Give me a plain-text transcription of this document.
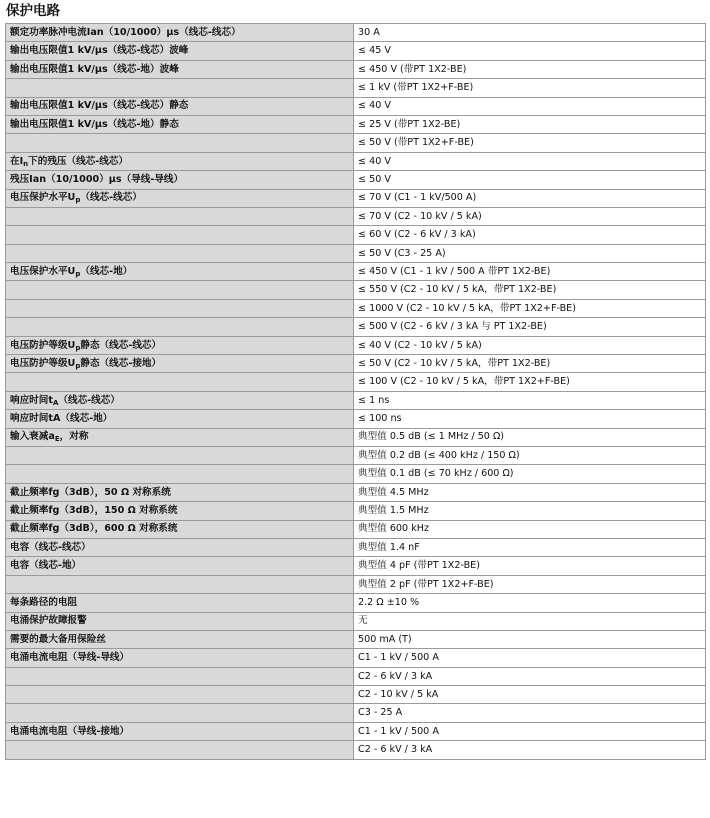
保护电路
额定功率脉冲电流Ian（10/1000）μs（线芯-线芯）	30 A
输出电压限值1 kV/μs（线芯-线芯）波峰	≤ 45 V
输出电压限值1 kV/μs（线芯-地）波峰	≤ 450 V (带PT 1X2-BE)
	≤ 1 kV (带PT 1X2+F-BE)
输出电压限值1 kV/μs（线芯-线芯）静态	≤ 40 V
输出电压限值1 kV/μs（线芯-地）静态	≤ 25 V (带PT 1X2-BE)
	≤ 50 V (带PT 1X2+F-BE)
在$I_n$下的残压（线芯-线芯）	≤ 40 V
残压Ian（10/1000）μs（导线-导线）	≤ 50 V
电压保护水平$U_p$（线芯-线芯）	≤ 70 V (C1 - 1 kV/500 A)
	≤ 70 V (C2 - 10 kV / 5 kA)
	≤ 60 V (C2 - 6 kV / 3 kA)
	≤ 50 V (C3 - 25 A)
电压保护水平$U_p$（线芯-地）	≤ 450 V (C1 - 1 kV / 500 A 带PT 1X2-BE)
	≤ 550 V (C2 - 10 kV / 5 kA，带PT 1X2-BE)
	≤ 1000 V (C2 - 10 kV / 5 kA，带PT 1X2+F-BE)
	≤ 500 V (C2 - 6 kV / 3 kA 与 PT 1X2-BE)
电压防护等级$U_p$静态（线芯-线芯）	≤ 40 V (C2 - 10 kV / 5 kA)
电压防护等级$U_p$静态（线芯-接地）	≤ 50 V (C2 - 10 kV / 5 kA，带PT 1X2-BE)
	≤ 100 V (C2 - 10 kV / 5 kA，带PT 1X2+F-BE)
响应时间$t_A$（线芯-线芯）	≤ 1 ns
响应时间tA（线芯-地）	≤ 100 ns
输入衰减$a_E$，对称	典型值 0.5 dB (≤ 1 MHz / 50 Ω)
	典型值 0.2 dB (≤ 400 kHz / 150 Ω)
	典型值 0.1 dB (≤ 70 kHz / 600 Ω)
截止频率fg（3dB），50 Ω 对称系统	典型值 4.5 MHz
截止频率fg（3dB），150 Ω 对称系统	典型值 1.5 MHz
截止频率fg（3dB），600 Ω 对称系统	典型值 600 kHz
电容（线芯-线芯）	典型值 1.4 nF
电容（线芯-地）	典型值 4 pF (带PT 1X2-BE)
	典型值 2 pF (带PT 1X2+F-BE)
每条路径的电阻	2.2 Ω ±10 %
电涌保护故障报警	无
需要的最大备用保险丝	500 mA (T)
电涌电流电阻（导线-导线）	C1 - 1 kV / 500 A
	C2 - 6 kV / 3 kA
	C2 - 10 kV / 5 kA
	C3 - 25 A
电涌电流电阻（导线-接地）	C1 - 1 kV / 500 A
	C2 - 6 kV / 3 kA
